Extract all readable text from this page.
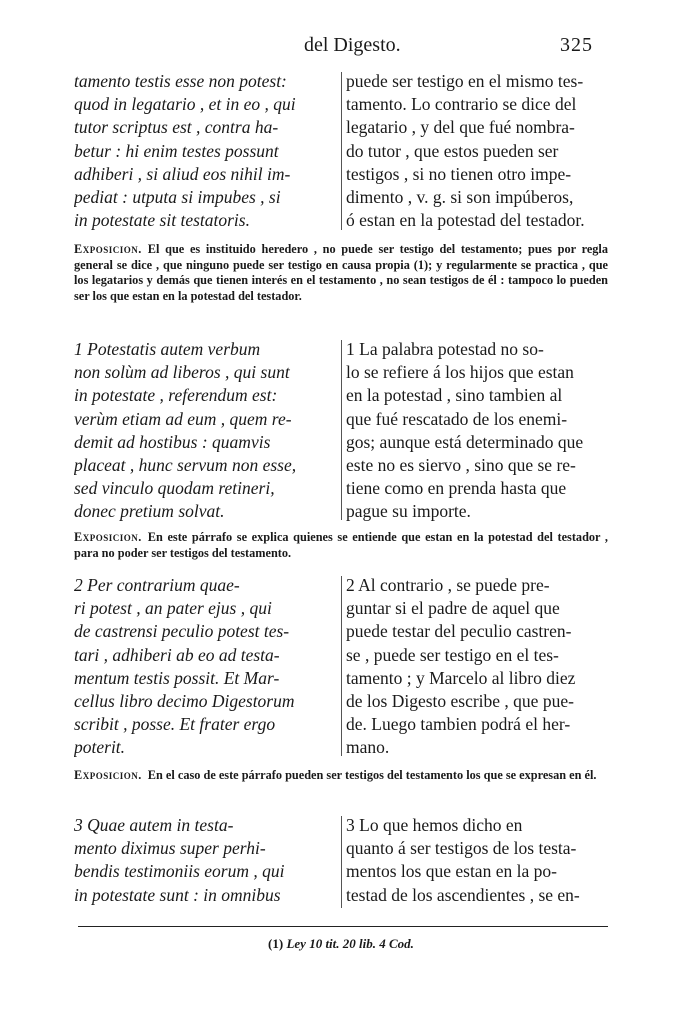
del Digesto.	325
tamento testis esse non potest:
quod in legatario , et in eo , qui
tutor scriptus est , contra ha-
betur : hi enim testes possunt
adhiberi , si aliud eos nihil im-
pediat : utputa si impubes , si
in potestate sit testatoris.
puede ser testigo en el mismo tes-
tamento. Lo contrario se dice del
legatario , y del que fué nombra-
do tutor , que estos pueden ser
testigos , si no tienen otro impe-
dimento , v. g. si son impúberos,
ó estan en la potestad del testador.
Exposicion. El que es instituido heredero , no puede ser testigo del testamento; pues por regla general se dice , que ninguno puede ser testigo en causa propia (1); y regularmente se practica , que los legatarios y demás que tienen interés en el testamento , no sean testigos de él : tampoco lo pueden ser los que estan en la potestad del testador.
1 Potestatis autem verbum
non solùm ad liberos , qui sunt
in potestate , referendum est:
verùm etiam ad eum , quem re-
demit ad hostibus : quamvis
placeat , hunc servum non esse,
sed vinculo quodam retineri,
donec pretium solvat.
1 La palabra potestad no so-
lo se refiere á los hijos que estan
en la potestad , sino tambien al
que fué rescatado de los enemi-
gos; aunque está determinado que
este no es siervo , sino que se re-
tiene como en prenda hasta que
pague su importe.
Exposicion. En este párrafo se explica quienes se entiende que estan en la potestad del testador , para no poder ser testigos del testamento.
2 Per contrarium quae-
ri potest , an pater ejus , qui
de castrensi peculio potest tes-
tari , adhiberi ab eo ad testa-
mentum testis possit. Et Mar-
cellus libro decimo Digestorum
scribit , posse. Et frater ergo
poterit.
2 Al contrario , se puede pre-
guntar si el padre de aquel que
puede testar del peculio castren-
se , puede ser testigo en el tes-
tamento ; y Marcelo al libro diez
de los Digesto escribe , que pue-
de. Luego tambien podrá el her-
mano.
Exposicion. En el caso de este párrafo pueden ser testigos del testamento los que se expresan en él.
3 Quae autem in testa-
mento diximus super perhi-
bendis testimoniis eorum , qui
in potestate sunt : in omnibus
3 Lo que hemos dicho en
quanto á ser testigos de los testa-
mentos los que estan en la po-
testad de los ascendientes , se en-
(1) Ley 10 tit. 20 lib. 4 Cod.
